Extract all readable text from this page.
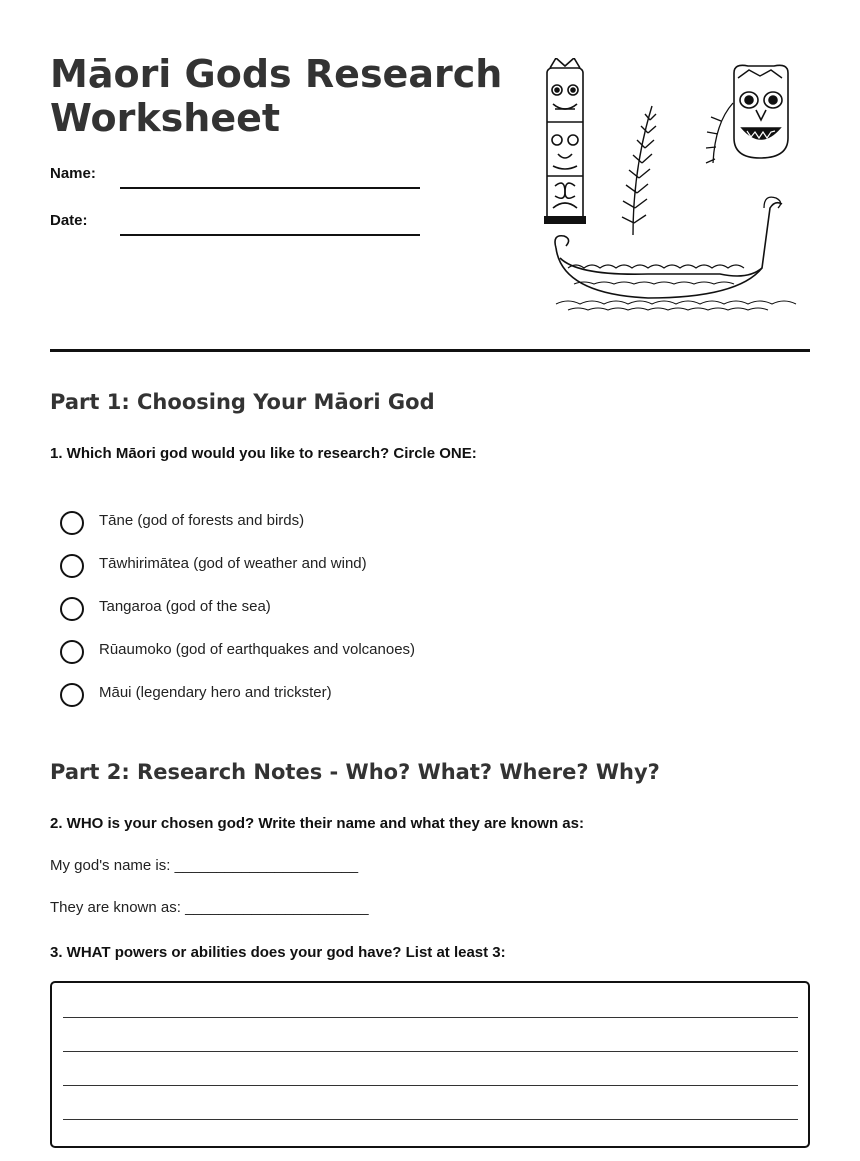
Māori Gods Research Worksheet
Name:
Date:
Part 1: Choosing Your Māori God
1. Which Māori god would you like to research? Circle ONE:
Tāne (god of forests and birds)
Tāwhirimātea (god of weather and wind)
Tangaroa (god of the sea)
Rūaumoko (god of earthquakes and volcanoes)
Māui (legendary hero and trickster)
Part 2: Research Notes - Who? What? Where? Why?
2. WHO is your chosen god? Write their name and what they are known as:
My god's name is: ______________________
They are known as: ______________________
3. WHAT powers or abilities does your god have? List at least 3:
